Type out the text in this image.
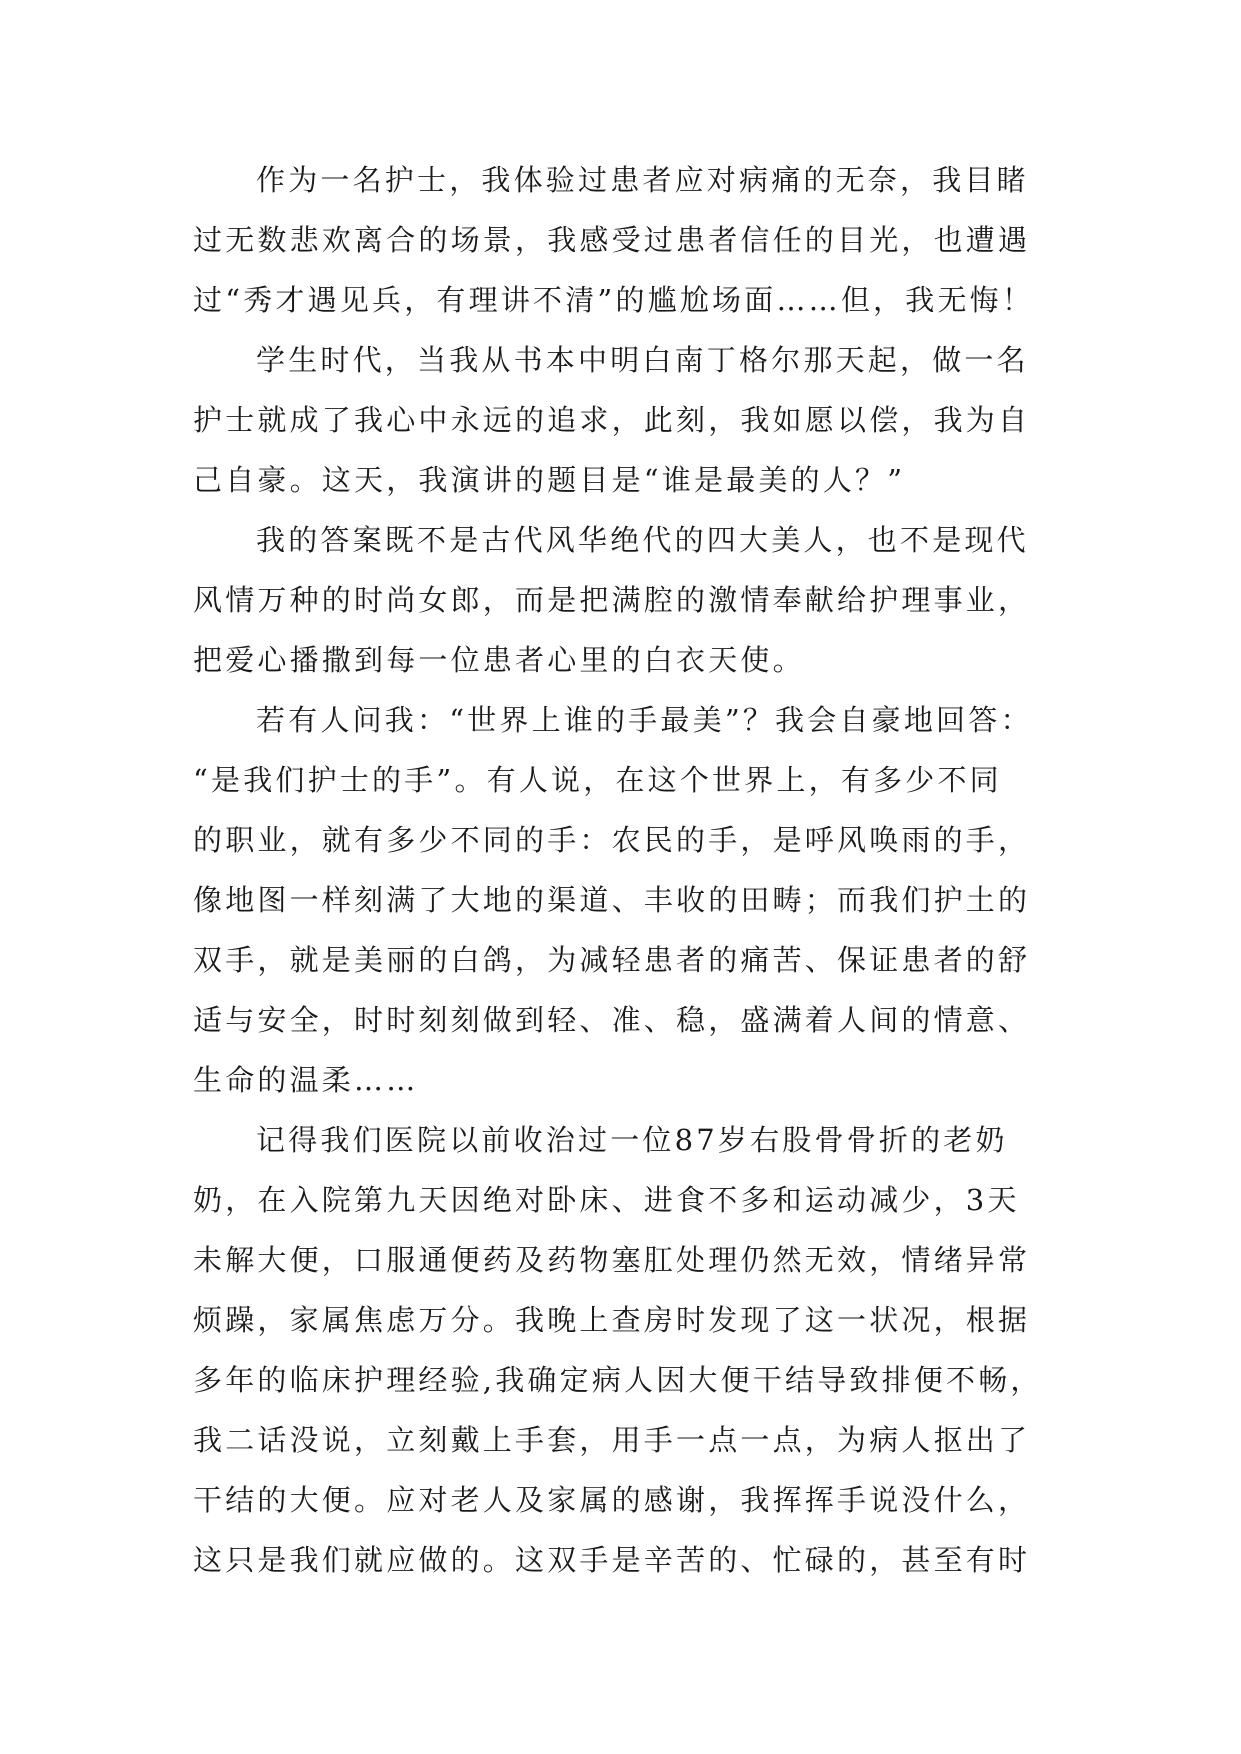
作为一名护士，我体验过患者应对病痛的无奈，我目睹
过无数悲欢离合的场景，我感受过患者信任的目光，也遭遇
过“秀才遇见兵，有理讲不清”的尴尬场面……但，我无悔！
学生时代，当我从书本中明白南丁格尔那天起，做一名
护士就成了我心中永远的追求，此刻，我如愿以偿，我为自
己自豪。这天，我演讲的题目是“谁是最美的人？”
我的答案既不是古代风华绝代的四大美人，也不是现代
风情万种的时尚女郎，而是把满腔的激情奉献给护理事业，
把爱心播撒到每一位患者心里的白衣天使。
若有人问我：“世界上谁的手最美”？我会自豪地回答：
“是我们护士的手”。有人说，在这个世界上，有多少不同
的职业，就有多少不同的手：农民的手，是呼风唤雨的手，
像地图一样刻满了大地的渠道、丰收的田畴；而我们护土的
双手，就是美丽的白鸽，为减轻患者的痛苦、保证患者的舒
适与安全，时时刻刻做到轻、准、稳，盛满着人间的情意、
生命的温柔……
记得我们医院以前收治过一位87岁右股骨骨折的老奶
奶，在入院第九天因绝对卧床、进食不多和运动减少，3天
未解大便，口服通便药及药物塞肛处理仍然无效，情绪异常
烦躁，家属焦虑万分。我晚上查房时发现了这一状况，根据
多年的临床护理经验,我确定病人因大便干结导致排便不畅，
我二话没说，立刻戴上手套，用手一点一点，为病人抠出了
干结的大便。应对老人及家属的感谢，我挥挥手说没什么，
这只是我们就应做的。这双手是辛苦的、忙碌的，甚至有时
